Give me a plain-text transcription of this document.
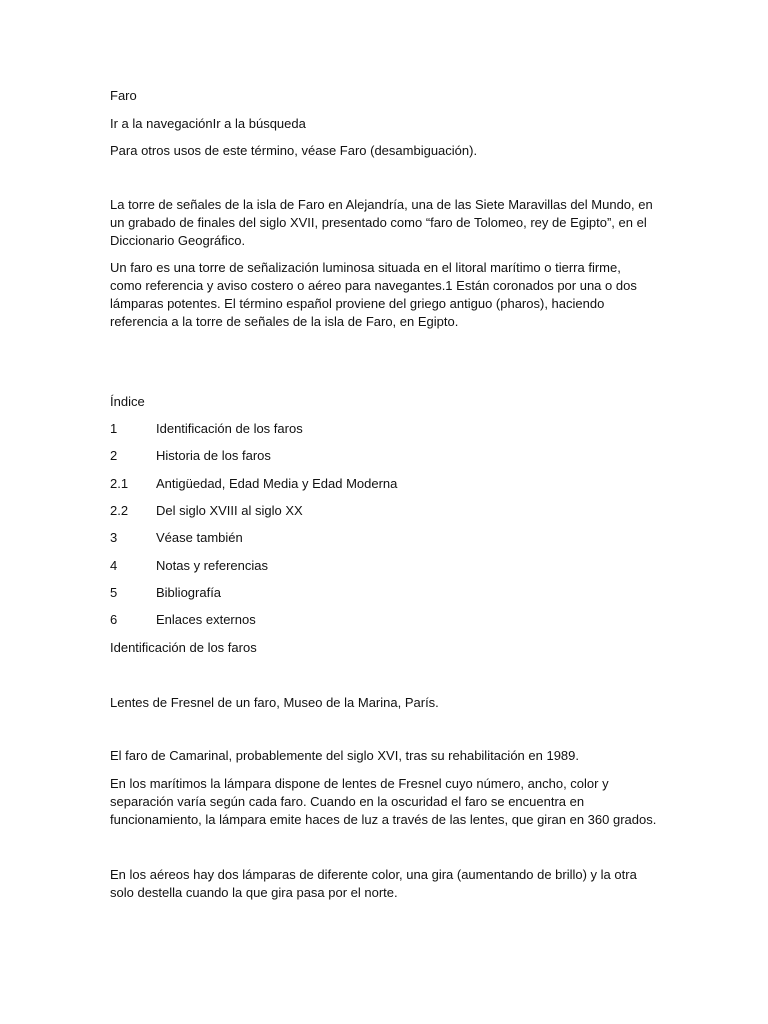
Faro

Ir a la navegaciónIr a la búsqueda

Para otros usos de este término, véase Faro (desambiguación).

La torre de señales de la isla de Faro en Alejandría, una de las Siete Maravillas del Mundo, en
un grabado de finales del siglo XVII, presentado como “faro de Tolomeo, rey de Egipto”, en el
Diccionario Geográfico.
Un faro es una torre de señalización luminosa situada en el litoral marítimo o tierra firme,
como referencia y aviso costero o aéreo para navegantes.1 Están coronados por una o dos
lámparas potentes. El término español proviene del griego antiguo (pharos), haciendo
referencia a la torre de señales de la isla de Faro, en Egipto.

Índice

1	Identificación de los faros
2	Historia de los faros
2.1 Antigüedad, Edad Media y Edad Moderna
2.2 Del siglo XVIII al siglo XX
3	Véase también
4	Notas y referencias
5	Bibliografía
6	Enlaces externos

Identificación de los faros

Lentes de Fresnel de un faro, Museo de la Marina, París.

El faro de Camarinal, probablemente del siglo XVI, tras su rehabilitación en 1989.

En los marítimos la lámpara dispone de lentes de Fresnel cuyo número, ancho, color y
separación varía según cada faro. Cuando en la oscuridad el faro se encuentra en
funcionamiento, la lámpara emite haces de luz a través de las lentes, que giran en 360 grados.
En los aéreos hay dos lámparas de diferente color, una gira (aumentando de brillo) y la otra
solo destella cuando la que gira pasa por el norte.
